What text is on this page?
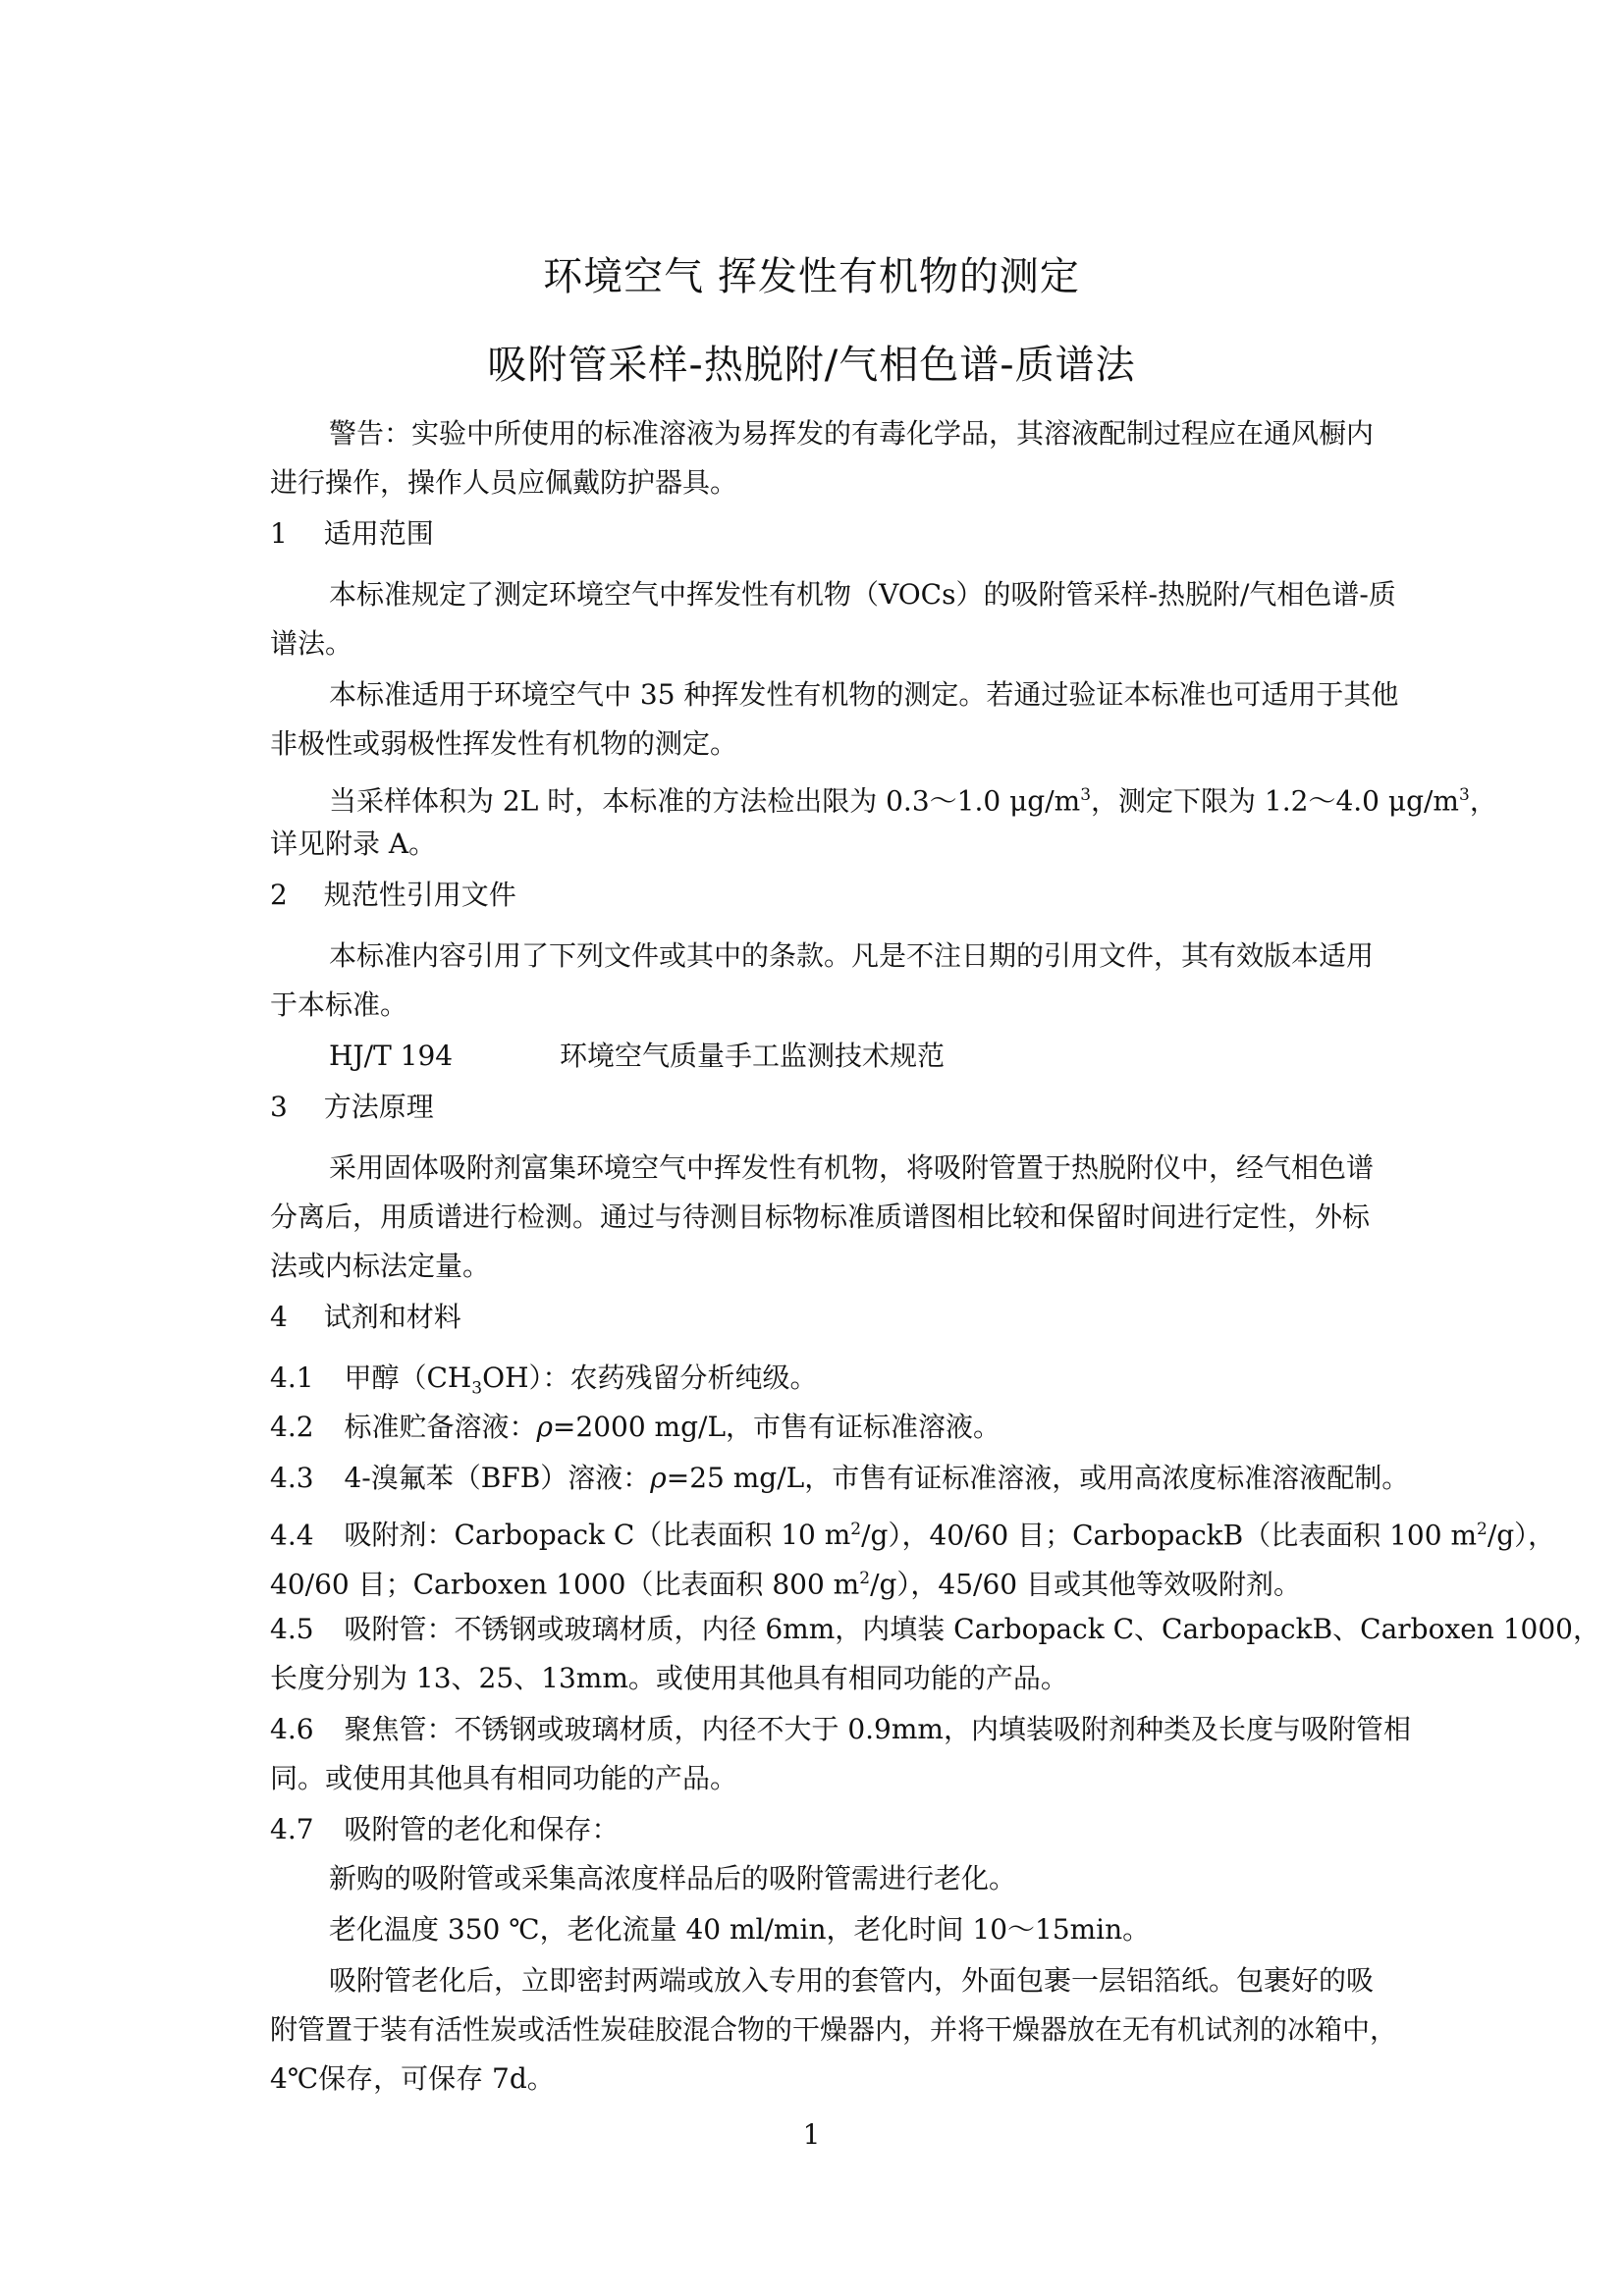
环境空气 挥发性有机物的测定
吸附管采样-热脱附/气相色谱-质谱法
警告：实验中所使用的标准溶液为易挥发的有毒化学品，其溶液配制过程应在通风橱内
进行操作，操作人员应佩戴防护器具。
1 适用范围
本标准规定了测定环境空气中挥发性有机物（VOCs）的吸附管采样-热脱附/气相色谱-质
谱法。
本标准适用于环境空气中 35 种挥发性有机物的测定。若通过验证本标准也可适用于其他
非极性或弱极性挥发性有机物的测定。
当采样体积为 2L 时，本标准的方法检出限为 0.3～1.0 $\mu g/m^3$，测定下限为 1.2～4.0 $\mu g/m^3$，
详见附录 A。
2 规范性引用文件
本标准内容引用了下列文件或其中的条款。凡是不注日期的引用文件，其有效版本适用
于本标准。
HJ/T 194	环境空气质量手工监测技术规范
3 方法原理
采用固体吸附剂富集环境空气中挥发性有机物，将吸附管置于热脱附仪中，经气相色谱
分离后，用质谱进行检测。通过与待测目标物标准质谱图相比较和保留时间进行定性，外标
法或内标法定量。
4 试剂和材料
4.1 甲醇$(CH_3OH)$：农药残留分析纯级。
4.2 标准贮备溶液：ρ=2000 mg/L，市售有证标准溶液。
4.3 4-溴氟苯（BFB）溶液：ρ=25 mg/L，市售有证标准溶液，或用高浓度标准溶液配制。
4.4 吸附剂：Carbopack C（比表面积 10 $m^2/g$），40/60 目；CarbopackB（比表面积 100 $m^2/g$），
40/60 目；Carboxen 1000（比表面积 800 $m^2/g$），45/60 目或其他等效吸附剂。
4.5 吸附管：不锈钢或玻璃材质，内径 6mm，内填装 Carbopack C、CarbopackB、Carboxen 1000，
长度分别为 13、25、13mm。或使用其他具有相同功能的产品。
4.6 聚焦管：不锈钢或玻璃材质，内径不大于 0.9mm，内填装吸附剂种类及长度与吸附管相
同。或使用其他具有相同功能的产品。
4.7 吸附管的老化和保存：
新购的吸附管或采集高浓度样品后的吸附管需进行老化。
老化温度 350 ℃，老化流量 40 ml/min，老化时间 10～15min。
吸附管老化后，立即密封两端或放入专用的套管内，外面包裹一层铝箔纸。包裹好的吸
附管置于装有活性炭或活性炭硅胶混合物的干燥器内，并将干燥器放在无有机试剂的冰箱中，
4℃保存，可保存 7d。
1
